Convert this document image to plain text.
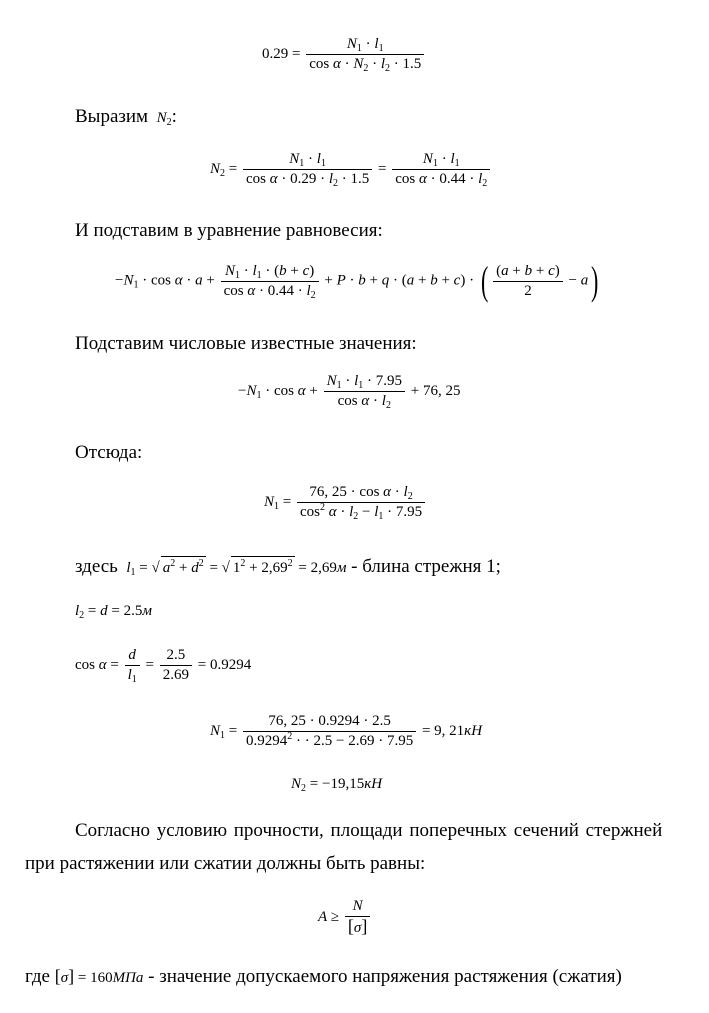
$0.29 = \frac{N_1 \cdot l_1}{\cos \alpha \cdot N_2 \cdot l_2 \cdot 1.5}$
Выразим  $N_2$:
$N_2 = \frac{N_1 \cdot l_1}{\cos \alpha \cdot 0.29 \cdot l_2 \cdot 1.5} = \frac{N_1 \cdot l_1}{\cos \alpha \cdot 0.44 \cdot l_2}$
И подставим в уравнение равновесия:
$-N_1 \cdot \cos \alpha \cdot a + \frac{N_1 \cdot l_1 \cdot (b + c)}{\cos \alpha \cdot 0.44 \cdot l_2} + P \cdot b + q \cdot (a + b + c)$ · ( $\frac{(a + b + c)}{2} - a$)
Подставим числовые известные значения:
$-N_1 \cdot \cos \alpha + \frac{N_1 \cdot l_1 \cdot 7.95}{\cos \alpha \cdot l_2} + 76$, 25
Отсюда:
$N_1 = \frac{76, 25 \cdot \cos \alpha \cdot l_2}{\cos^2 \alpha \cdot l_2 - l_1 \cdot 7.95}$
здесь $l_1$ = √ $a^2 + d^2$ = √ $1^2 + 2,69^2 = 2,69м$ - блина стрежня 1;
$l_2 = d = 2.5м$
$\cos \alpha = \frac{d}{l_1} = \frac{2.5}{2.69} = 0.9294$
$N_1 = \frac{76, 25 \cdot 0.9294 \cdot 2.5}{0.9294^2 \cdot \cdot 2.5 - 2.69 \cdot 7.95} = 9$, 21кН
$N_2 = -19,15кН$
Согласно условию прочности, площади поперечных сечений стержней
при растяжении или сжатии должны быть равны:
$A \ge \frac{N}{[\sigma]}$
где [σ] = 160МПа - значение допускаемого напряжения растяжения (сжатия)
